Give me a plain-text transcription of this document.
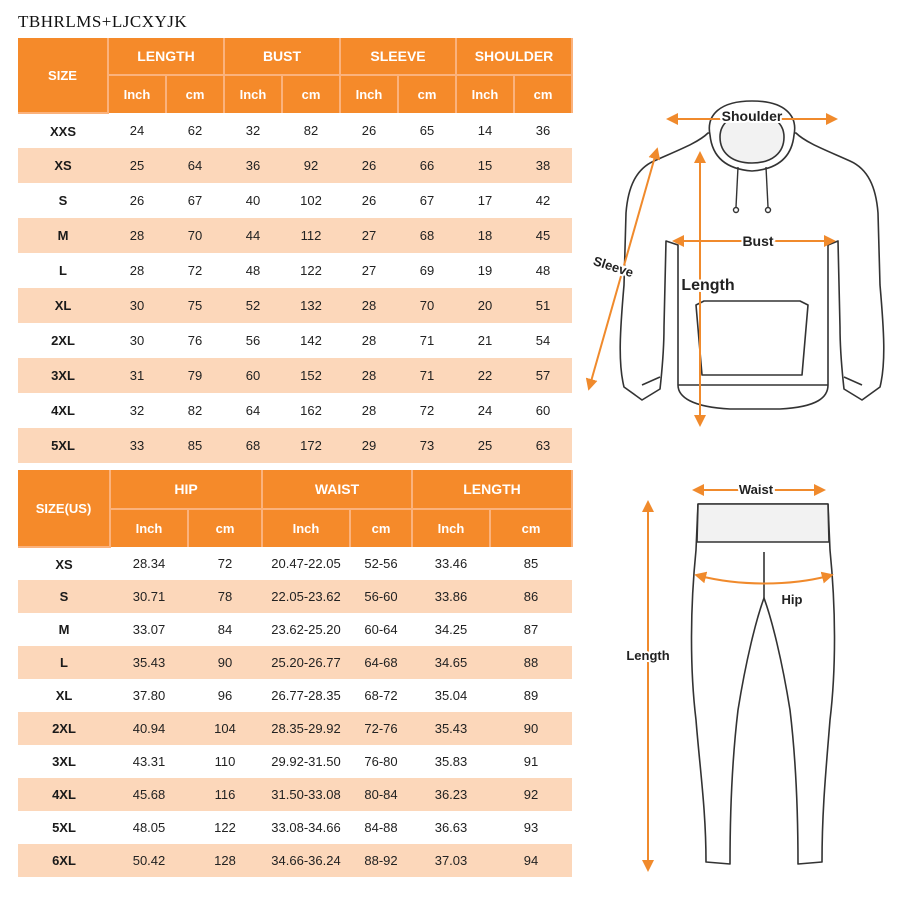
TBHRLMS+LJCXYJK
SIZE	LENGTH		BUST		SLEEVE		SHOULDER	
	Inch	cm	Inch	cm	Inch	cm	Inch	cm
XXS	24	62	32	82	26	65	14	36
XS	25	64	36	92	26	66	15	38
S	26	67	40	102	26	67	17	42
M	28	70	44	112	27	68	18	45
L	28	72	48	122	27	69	19	48
XL	30	75	52	132	28	70	20	51
2XL	30	76	56	142	28	71	21	54
3XL	31	79	60	152	28	71	22	57
4XL	32	82	64	162	28	72	24	60
5XL	33	85	68	172	29	73	25	63
SIZE(US)	HIP		WAIST		LENGTH	
	Inch	cm	Inch	cm	Inch	cm
XS	28.34	72	20.47-22.05	52-56	33.46	85
S	30.71	78	22.05-23.62	56-60	33.86	86
M	33.07	84	23.62-25.20	60-64	34.25	87
L	35.43	90	25.20-26.77	64-68	34.65	88
XL	37.80	96	26.77-28.35	68-72	35.04	89
2XL	40.94	104	28.35-29.92	72-76	35.43	90
3XL	43.31	110	29.92-31.50	76-80	35.83	91
4XL	45.68	116	31.50-33.08	80-84	36.23	92
5XL	48.05	122	33.08-34.66	84-88	36.63	93
6XL	50.42	128	34.66-36.24	88-92	37.03	94
Shoulder
Bust
Sleeve
Length
Waist
Hip
Length
